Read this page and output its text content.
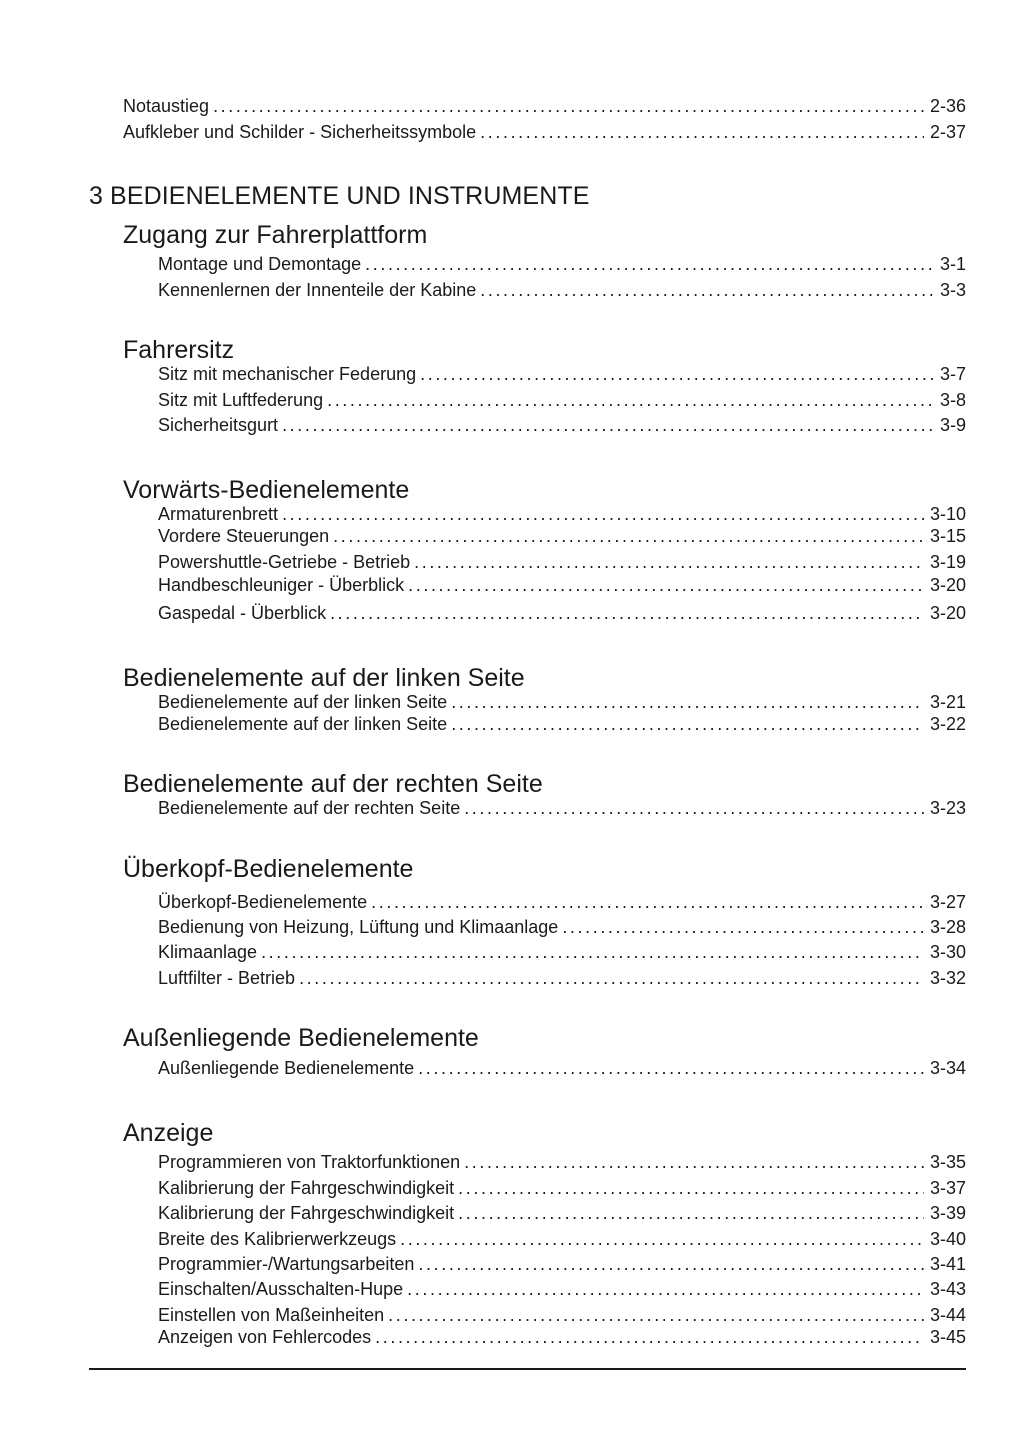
Notaustieg . . .	2-36
Aufkleber und Schilder - Sicherheitssymbole . . .	2-37
3 BEDIENELEMENTE UND INSTRUMENTE
Zugang zur Fahrerplattform
Montage und Demontage . . .	3-1
Kennenlernen der Innenteile der Kabine . . .	3-3
Fahrersitz
Sitz mit mechanischer Federung . . .	3-7
Sitz mit Luftfederung . . .	3-8
Sicherheitsgurt . . .	3-9
Vorwärts-Bedienelemente
Armaturenbrett . . .	3-10
Vordere Steuerungen . . .	3-15
Powershuttle-Getriebe - Betrieb . . .	3-19
Handbeschleuniger - Überblick . . .	3-20
Gaspedal - Überblick . . .	3-20
Bedienelemente auf der linken Seite
Bedienelemente auf der linken Seite . . .	3-21
Bedienelemente auf der linken Seite . . .	3-22
Bedienelemente auf der rechten Seite
Bedienelemente auf der rechten Seite . . .	3-23
Überkopf-Bedienelemente
Überkopf-Bedienelemente . . .	3-27
Bedienung von Heizung, Lüftung und Klimaanlage . . .	3-28
Klimaanlage . . .	3-30
Luftfilter - Betrieb . . .	3-32
Außenliegende Bedienelemente
Außenliegende Bedienelemente . . .	3-34
Anzeige
Programmieren von Traktorfunktionen . . .	3-35
Kalibrierung der Fahrgeschwindigkeit . . .	3-37
Kalibrierung der Fahrgeschwindigkeit . . .	3-39
Breite des Kalibrierwerkzeugs . . .	3-40
Programmier-/Wartungsarbeiten . . .	3-41
Einschalten/Ausschalten-Hupe . . .	3-43
Einstellen von Maßeinheiten . . .	3-44
Anzeigen von Fehlercodes . . .	3-45
